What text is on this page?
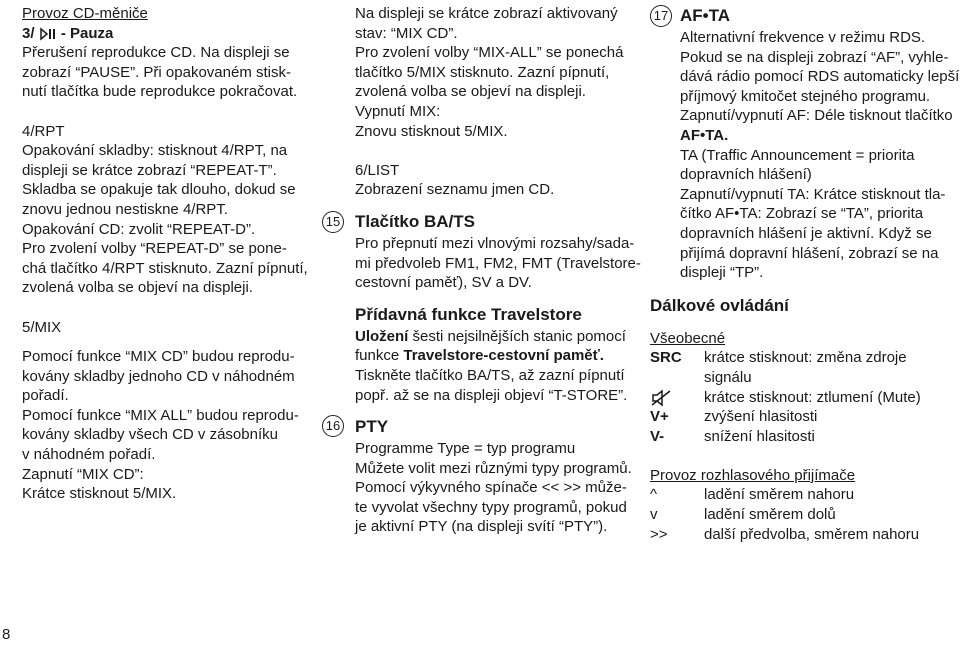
Provoz CD-měniče
3/  - Pauza
Přerušení reprodukce CD. Na displeji se
zobrazí “PAUSE”. Při opakovaném stisk-
nutí tlačítka bude reprodukce pokračovat.
4/RPT
Opakování skladby: stisknout 4/RPT, na
displeji se krátce zobrazí “REPEAT-T”.
Skladba se opakuje tak dlouho, dokud se
znovu jednou nestiskne 4/RPT.
Opakování CD: zvolit “REPEAT-D”.
Pro zvolení volby “REPEAT-D” se pone-
chá tlačítko 4/RPT stisknuto. Zazní pípnutí,
zvolená volba se objeví na displeji.
5/MIX
Pomocí funkce “MIX CD” budou reprodu-
kovány skladby jednoho CD v náhodném
pořadí.
Pomocí funkce “MIX ALL” budou reprodu-
kovány skladby všech CD v zásobníku
v náhodném pořadí.
Zapnutí “MIX CD”:
Krátce stisknout 5/MIX.
8
Na displeji se krátce zobrazí aktivovaný
stav: “MIX CD”.
Pro zvolení volby “MIX-ALL” se ponechá
tlačítko 5/MIX stisknuto. Zazní pípnutí,
zvolená volba se objeví na displeji.
Vypnutí MIX:
Znovu stisknout 5/MIX.
6/LIST
Zobrazení seznamu jmen CD.
15 Tlačítko BA/TS
Pro přepnutí mezi vlnovými rozsahy/sada-
mi předvoleb FM1, FM2, FMT (Travelstore-
cestovní paměť), SV a DV.
Přídavná funkce Travelstore
Uložení šesti nejsilnějších stanic pomocí
funkce Travelstore-cestovní paměť.
Tiskněte tlačítko BA/TS, až zazní pípnutí
popř. až se na displeji objeví “T-STORE”.
16 PTY
Programme Type = typ programu
Můžete volit mezi různými typy programů.
Pomocí výkyvného spínače << >> může-
te vyvolat všechny typy programů, pokud
je aktivní PTY (na displeji svítí “PTY”).
17 AF•TA
Alternativní frekvence v režimu RDS.
Pokud se na displeji zobrazí “AF”, vyhle-
dává rádio pomocí RDS automaticky lepší
příjmový kmitočet stejného programu.
Zapnutí/vypnutí AF: Déle tisknout tlačítko
AF•TA.
TA (Traffic Announcement = priorita
dopravních hlášení)
Zapnutí/vypnutí TA: Krátce stisknout tla-
čítko AF•TA: Zobrazí se “TA”, priorita
dopravních hlášení je aktivní. Když se
přijímá dopravní hlášení, zobrazí se na
displeji “TP”.
Dálkové ovládání
Všeobecné
SRC	krátce stisknout: změna zdroje
signálu
krátce stisknout: ztlumení (Mute)
V+	zvýšení hlasitosti
V-	snížení hlasitosti
Provoz rozhlasového přijímače
^	ladění směrem nahoru
v	ladění směrem dolů
>>	další předvolba, směrem nahoru
